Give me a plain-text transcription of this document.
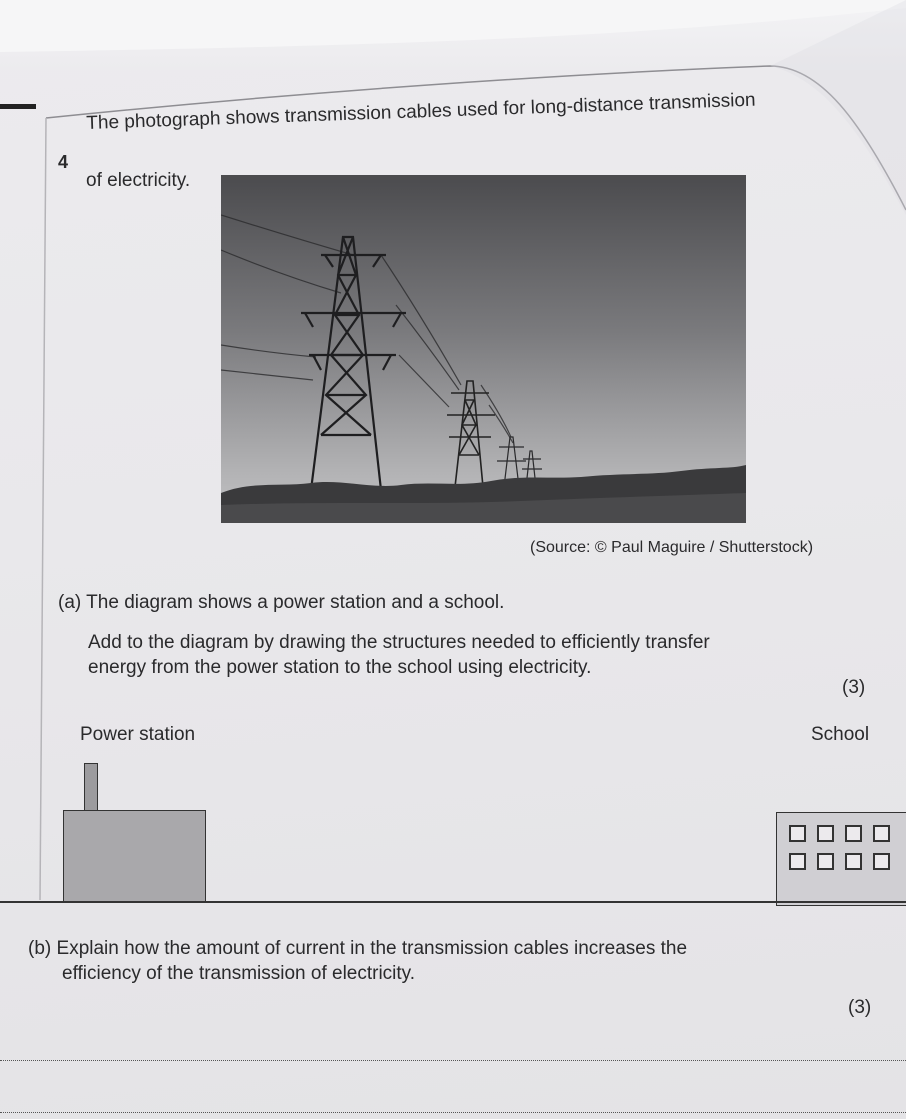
4
The photograph shows transmission cables used for long-distance transmission
of electricity.
(Source: © Paul Maguire / Shutterstock)
(a) The diagram shows a power station and a school.
Add to the diagram by drawing the structures needed to efficiently transfer
energy from the power station to the school using electricity.
(3)
Power station	School
(b) Explain how the amount of current in the transmission cables increases the
efficiency of the transmission of electricity.
(3)
